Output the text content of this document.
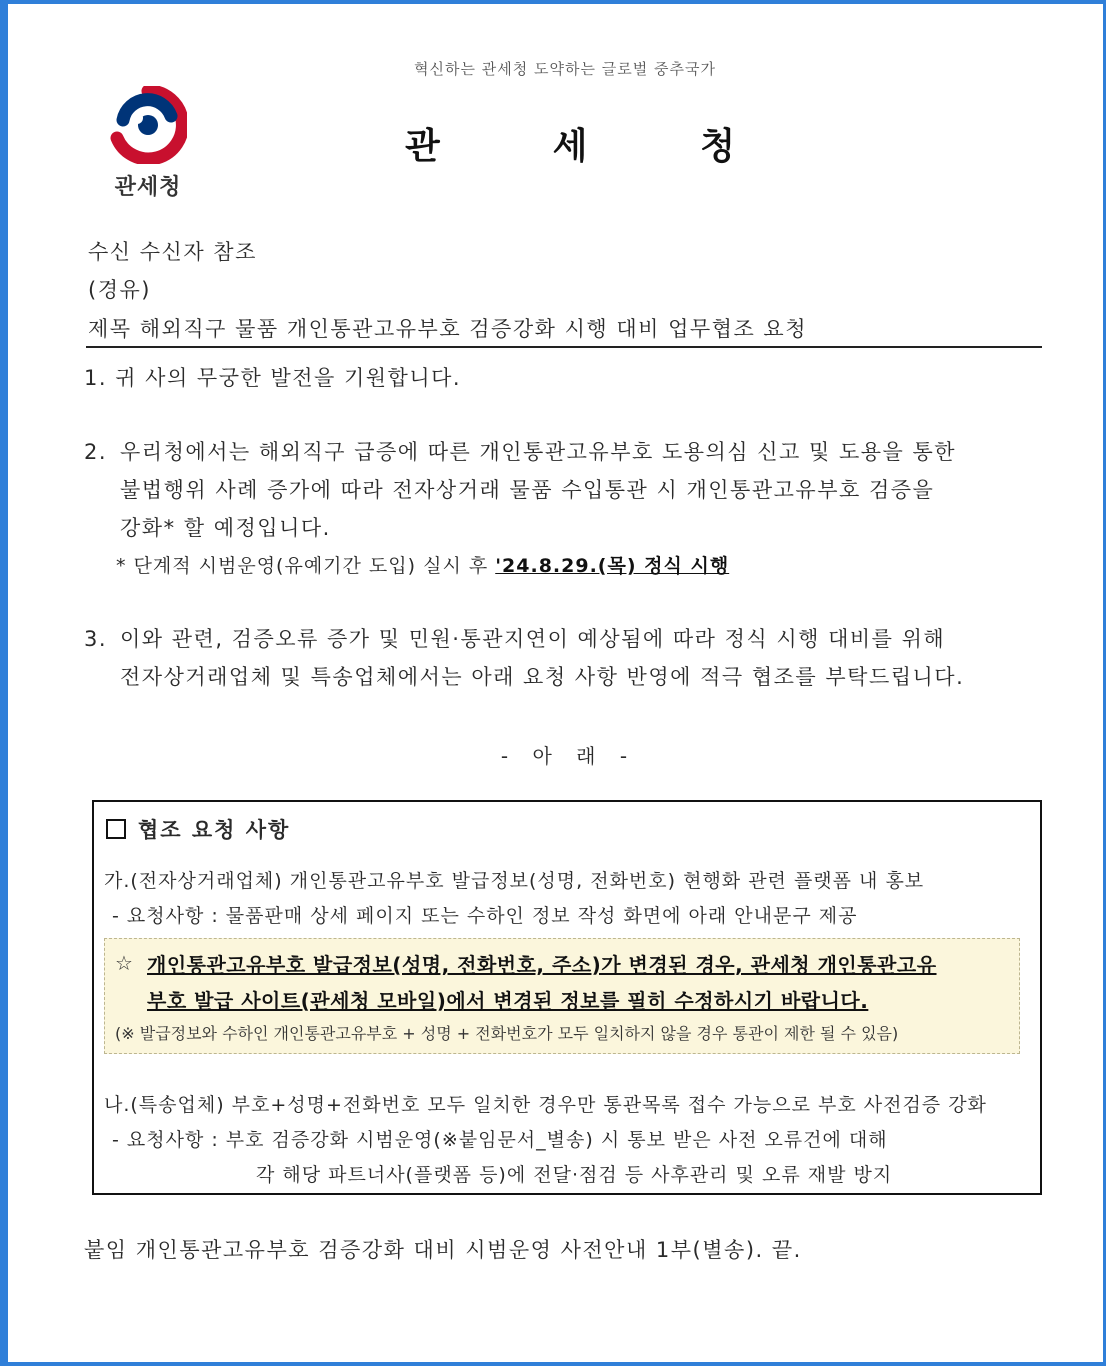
혁신하는 관세청 도약하는 글로벌 중추국가
관세청
관	세	청
수신 수신자 참조
(경유)
제목 해외직구 물품 개인통관고유부호 검증강화 시행 대비 업무협조 요청
1. 귀 사의 무궁한 발전을 기원합니다.
2. 우리청에서는 해외직구 급증에 따른 개인통관고유부호 도용의심 신고 및 도용을 통한
불법행위 사례 증가에 따라 전자상거래 물품 수입통관 시 개인통관고유부호 검증을
강화* 할 예정입니다.
* 단계적 시범운영(유예기간 도입) 실시 후 '24.8.29.(목) 정식 시행
3. 이와 관련, 검증오류 증가 및 민원·통관지연이 예상됨에 따라 정식 시행 대비를 위해
전자상거래업체 및 특송업체에서는 아래 요청 사항 반영에 적극 협조를 부탁드립니다.
- 아 래 -
협조 요청 사항
가.(전자상거래업체) 개인통관고유부호 발급정보(성명, 전화번호) 현행화 관련 플랫폼 내 홍보
- 요청사항 : 물품판매 상세 페이지 또는 수하인 정보 작성 화면에 아래 안내문구 제공
☆ 개인통관고유부호 발급정보(성명, 전화번호, 주소)가 변경된 경우, 관세청 개인통관고유
부호 발급 사이트(관세청 모바일)에서 변경된 정보를 필히 수정하시기 바랍니다.
(※ 발급정보와 수하인 개인통관고유부호 + 성명 + 전화번호가 모두 일치하지 않을 경우 통관이 제한 될 수 있음)
나.(특송업체) 부호+성명+전화번호 모두 일치한 경우만 통관목록 접수 가능으로 부호 사전검증 강화
- 요청사항 : 부호 검증강화 시범운영(※붙임문서_별송) 시 통보 받은 사전 오류건에 대해
각 해당 파트너사(플랫폼 등)에 전달·점검 등 사후관리 및 오류 재발 방지
붙임 개인통관고유부호 검증강화 대비 시범운영 사전안내 1부(별송). 끝.
